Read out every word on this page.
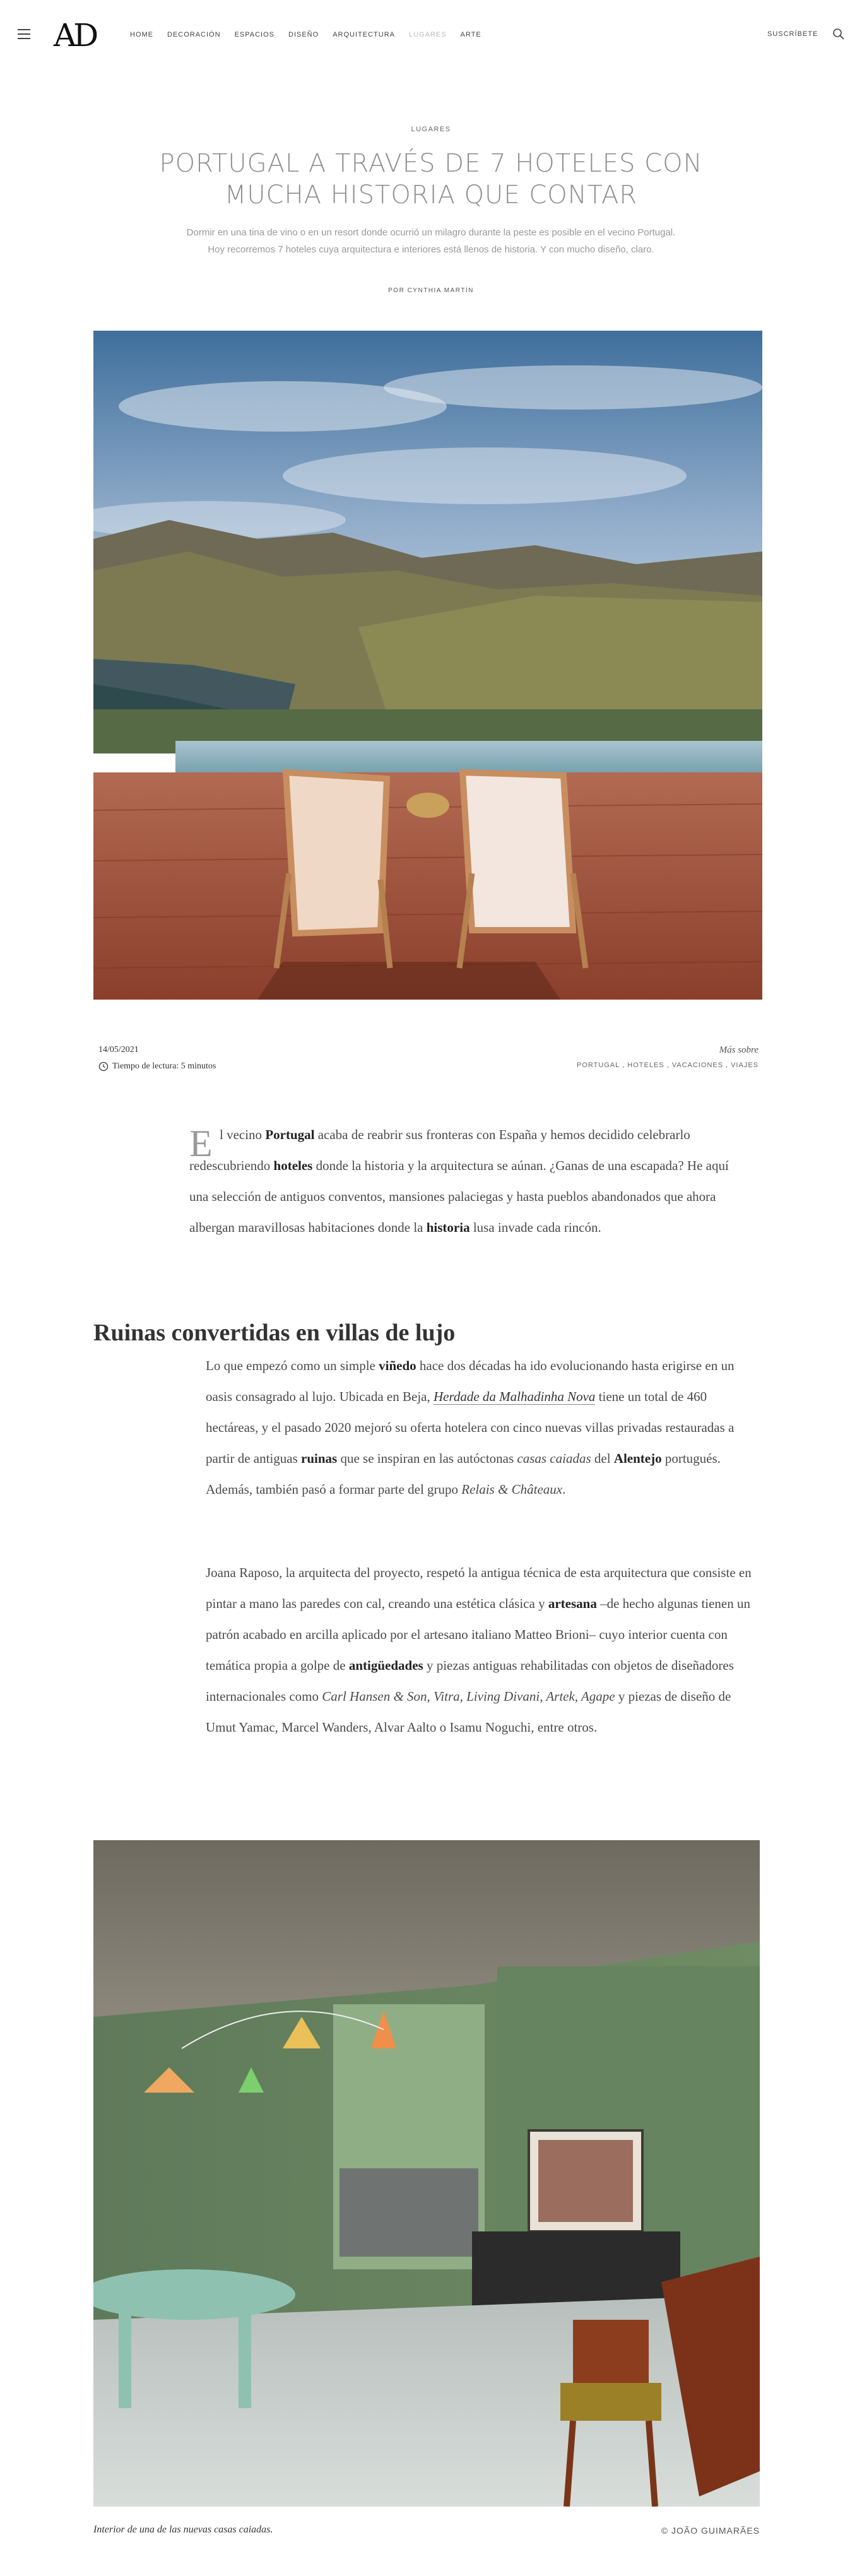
AD	HOME DECORACIÓN ESPACIOS DISEÑO ARQUITECTURA LUGARES ARTE	SUSCRÍBETE
LUGARES
PORTUGAL A TRAVÉS DE 7 HOTELES CON MUCHA HISTORIA QUE CONTAR

Dormir en una tina de vino o en un resort donde ocurrió un milagro durante la peste es posible en el vecino Portugal. Hoy recorremos 7 hoteles cuya arquitectura e interiores está llenos de historia. Y con mucho diseño, claro.

POR CYNTHIA MARTÍN
14/05/2021
Tiempo de lectura: 5 minutos
Más sobre
PORTUGAL , HOTELES , VACACIONES , VIAJES
E l vecino Portugal acaba de reabrir sus fronteras con España y hemos decidido celebrarlo redescubriendo hoteles donde la historia y la arquitectura se aúnan. ¿Ganas de una escapada? He aquí una selección de antiguos conventos, mansiones palaciegas y hasta pueblos abandonados que ahora albergan maravillosas habitaciones donde la historia lusa invade cada rincón.

Ruinas convertidas en villas de lujo

Lo que empezó como un simple viñedo hace dos décadas ha ido evolucionando hasta erigirse en un oasis consagrado al lujo. Ubicada en Beja, Herdade da Malhadinha Nova tiene un total de 460 hectáreas, y el pasado 2020 mejoró su oferta hotelera con cinco nuevas villas privadas restauradas a partir de antiguas ruinas que se inspiran en las autóctonas casas caiadas del Alentejo portugués. Además, también pasó a formar parte del grupo Relais & Châteaux.

Joana Raposo, la arquitecta del proyecto, respetó la antigua técnica de esta arquitectura que consiste en pintar a mano las paredes con cal, creando una estética clásica y artesana –de hecho algunas tienen un patrón acabado en arcilla aplicado por el artesano italiano Matteo Brioni– cuyo interior cuenta con temática propia a golpe de antigüedades y piezas antiguas rehabilitadas con objetos de diseñadores internacionales como Carl Hansen & Son, Vitra, Living Divani, Artek, Agape y piezas de diseño de Umut Yamac, Marcel Wanders, Alvar Aalto o Isamu Noguchi, entre otros.

Interior de una de las nuevas casas caiadas.	© JOÃO GUIMARÃES
